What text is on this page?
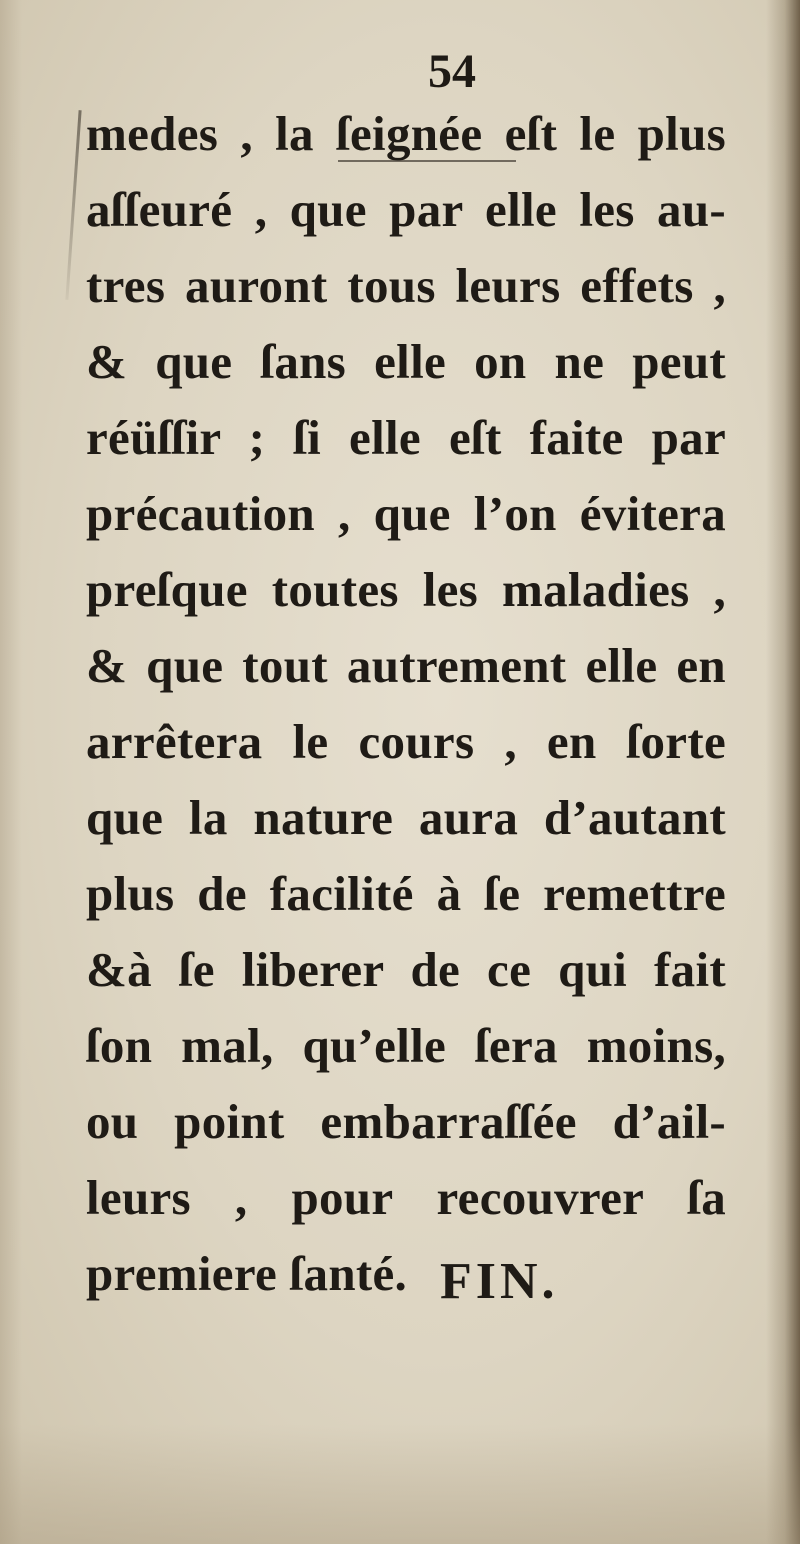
54
medes , la ſeignée eſt le plus
aſſeuré , que par elle les au-
tres auront tous leurs effets ,
& que ſans elle on ne peut
réüſſir ; ſi elle eſt faite par
précaution , que l’on évitera
preſque toutes les maladies ,
& que tout autrement elle en
arrêtera le cours , en ſorte
que la nature aura d’autant
plus de facilité à ſe remettre
&à ſe liberer de ce qui fait
ſon mal, qu’elle ſera moins,
ou point embarraſſée d’ail-
leurs , pour recouvrer ſa
premiere ſanté. FIN.
